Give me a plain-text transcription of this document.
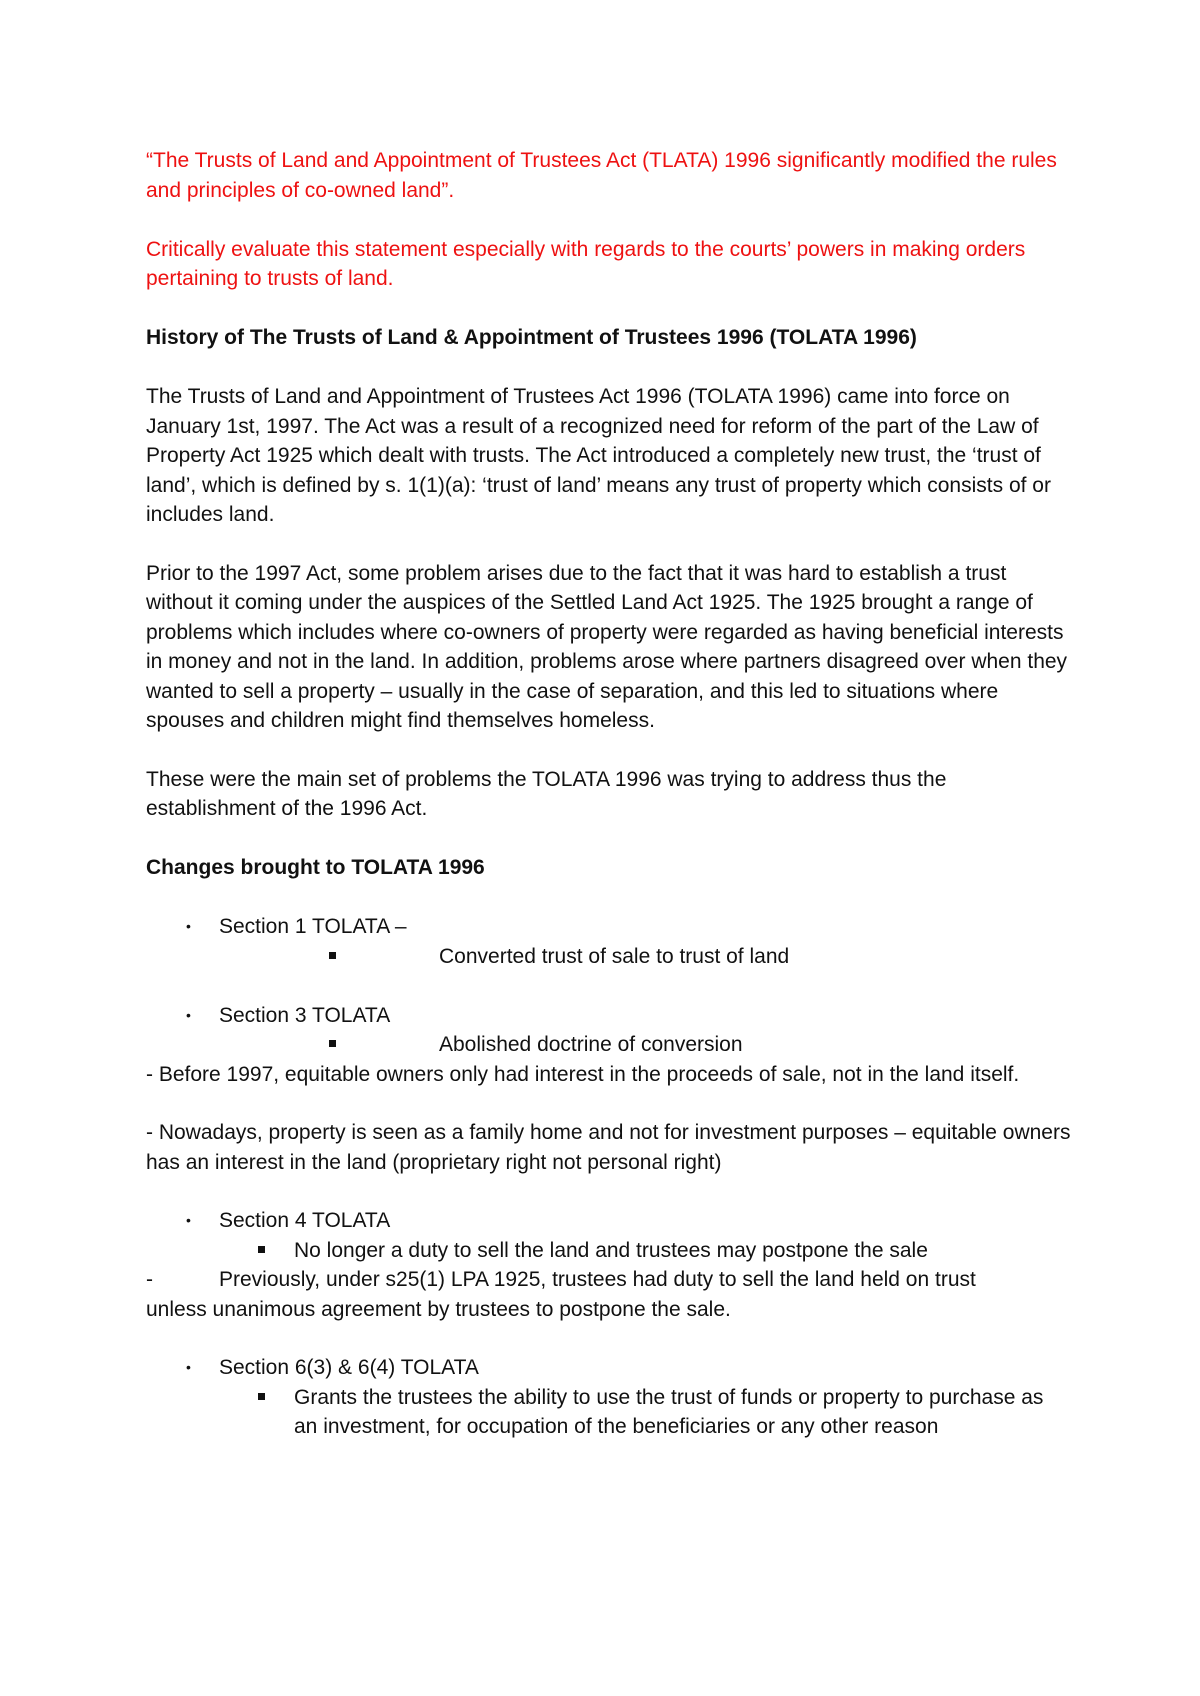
“The Trusts of Land and Appointment of Trustees Act (TLATA) 1996 significantly modified the rules and principles of co-owned land”.

Critically evaluate this statement especially with regards to the courts’ powers in making orders pertaining to trusts of land.

History of The Trusts of Land & Appointment of Trustees 1996 (TOLATA 1996)

The Trusts of Land and Appointment of Trustees Act 1996 (TOLATA 1996) came into force on January 1st, 1997. The Act was a result of a recognized need for reform of the part of the Law of Property Act 1925 which dealt with trusts. The Act introduced a completely new trust, the ‘trust of land’, which is defined by s. 1(1)(a): ‘trust of land’ means any trust of property which consists of or includes land.

Prior to the 1997 Act, some problem arises due to the fact that it was hard to establish a trust without it coming under the auspices of the Settled Land Act 1925. The 1925 brought a range of problems which includes where co-owners of property were regarded as having beneficial interests in money and not in the land. In addition, problems arose where partners disagreed over when they wanted to sell a property – usually in the case of separation, and this led to situations where spouses and children might find themselves homeless.

These were the main set of problems the TOLATA 1996 was trying to address thus the establishment of the 1996 Act.

Changes brought to TOLATA 1996

• Section 1 TOLATA –
Converted trust of sale to trust of land
• Section 3 TOLATA
Abolished doctrine of conversion

- Before 1997, equitable owners only had interest in the proceeds of sale, not in the land itself.

- Nowadays, property is seen as a family home and not for investment purposes – equitable owners has an interest in the land (proprietary right not personal right)

• Section 4 TOLATA
No longer a duty to sell the land and trustees may postpone the sale
-	Previously, under s25(1) LPA 1925, trustees had duty to sell the land held on trust

unless unanimous agreement by trustees to postpone the sale.

• Section 6(3) & 6(4) TOLATA
Grants the trustees the ability to use the trust of funds or property to purchase as an investment, for occupation of the beneficiaries or any other reason
